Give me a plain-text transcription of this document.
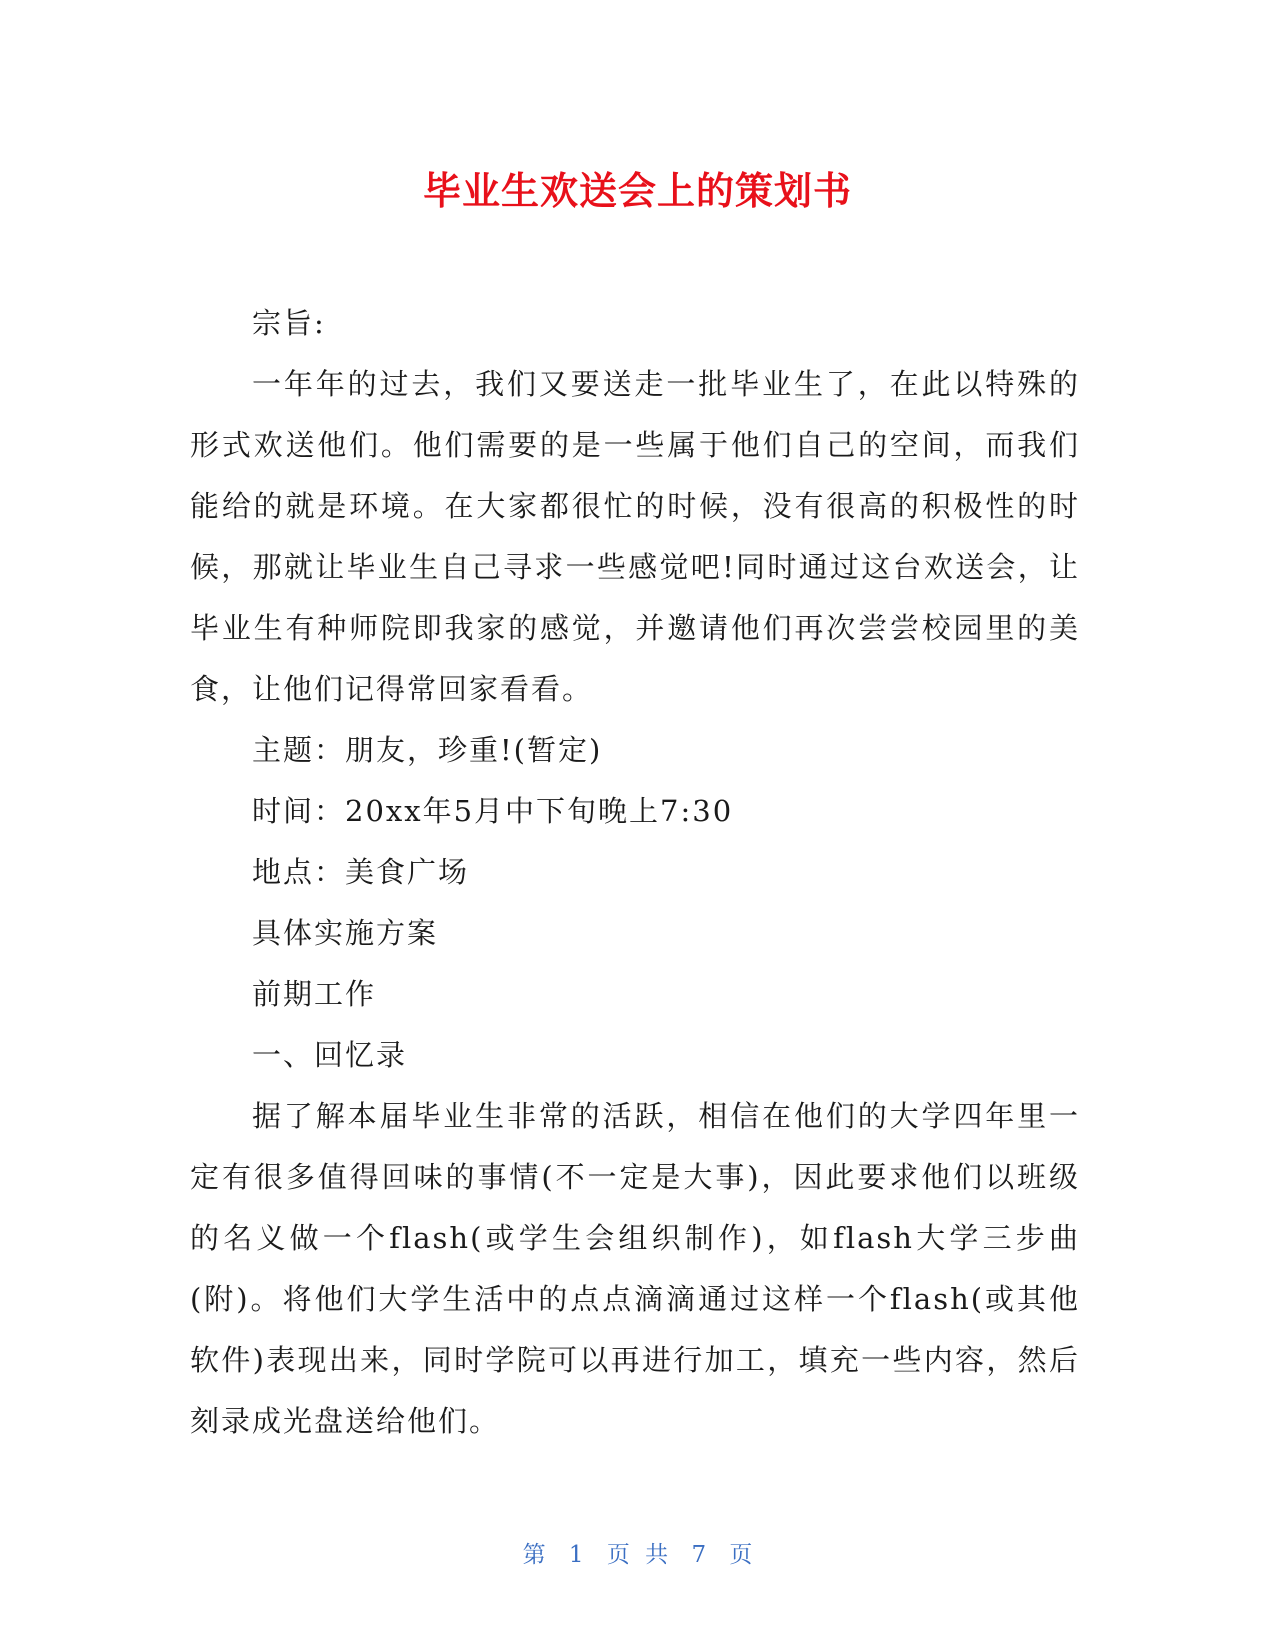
毕业生欢送会上的策划书

宗旨:

一年年的过去，我们又要送走一批毕业生了，在此以特殊的形式欢送他们。他们需要的是一些属于他们自己的空间，而我们能给的就是环境。在大家都很忙的时候，没有很高的积极性的时候，那就让毕业生自己寻求一些感觉吧!同时通过这台欢送会，让毕业生有种师院即我家的感觉，并邀请他们再次尝尝校园里的美食，让他们记得常回家看看。

主题：朋友，珍重!(暂定)

时间：20xx年5月中下旬晚上7:30

地点：美食广场

具体实施方案

前期工作

一、回忆录

据了解本届毕业生非常的活跃，相信在他们的大学四年里一定有很多值得回味的事情(不一定是大事)，因此要求他们以班级的名义做一个flash(或学生会组织制作)，如flash大学三步曲(附)。将他们大学生活中的点点滴滴通过这样一个flash(或其他软件)表现出来，同时学院可以再进行加工，填充一些内容，然后刻录成光盘送给他们。

第 1 页 共 7 页
